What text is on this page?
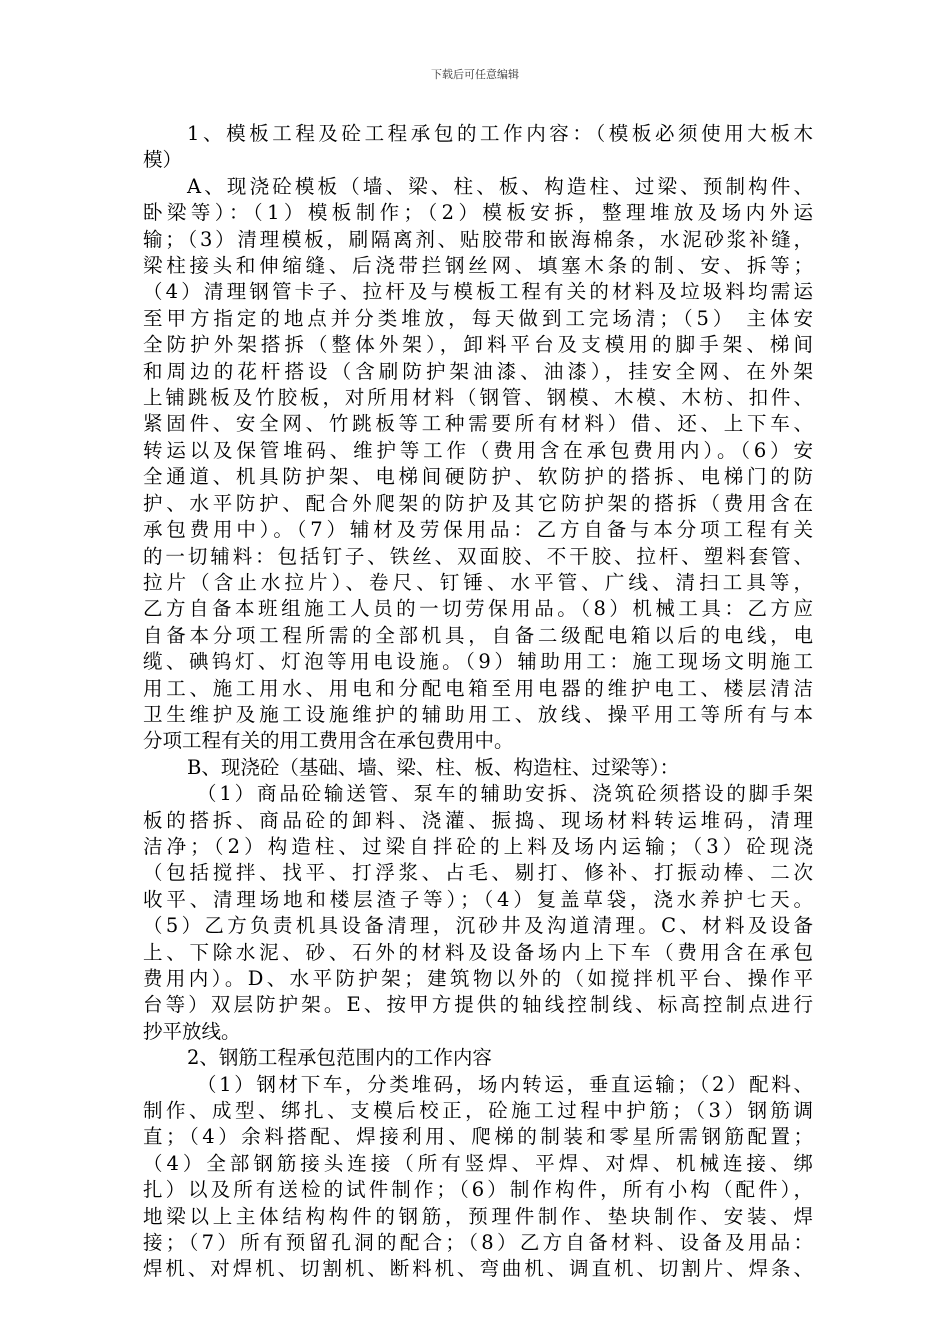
下载后可任意编辑
1、模板工程及砼工程承包的工作内容：（模板必须使用大板木
模）
A、现浇砼模板（墙、梁、柱、板、构造柱、过梁、预制构件、
卧梁等）：（1）模板制作；（2）模板安拆，整理堆放及场内外运
输；（3）清理模板，刷隔离剂、贴胶带和嵌海棉条，水泥砂浆补缝，
梁柱接头和伸缩缝、后浇带拦钢丝网、填塞木条的制、安、拆等；
（4）清理钢管卡子、拉杆及与模板工程有关的材料及垃圾料均需运
至甲方指定的地点并分类堆放，每天做到工完场清；（5） 主体安
全防护外架搭拆（整体外架），卸料平台及支模用的脚手架、梯间
和周边的花杆搭设（含刷防护架油漆、油漆），挂安全网、在外架
上铺跳板及竹胶板，对所用材料（钢管、钢模、木模、木枋、扣件、
紧固件、安全网、竹跳板等工种需要所有材料）借、还、上下车、
转运以及保管堆码、维护等工作（费用含在承包费用内）。（6）安
全通道、机具防护架、电梯间硬防护、软防护的搭拆、电梯门的防
护、水平防护、配合外爬架的防护及其它防护架的搭拆（费用含在
承包费用中）。（7）辅材及劳保用品：乙方自备与本分项工程有关
的一切辅料：包括钉子、铁丝、双面胶、不干胶、拉杆、塑料套管、
拉片（含止水拉片）、卷尺、钉锤、水平管、广线、清扫工具等，
乙方自备本班组施工人员的一切劳保用品。（8）机械工具：乙方应
自备本分项工程所需的全部机具，自备二级配电箱以后的电线，电
缆、碘钨灯、灯泡等用电设施。（9）辅助用工：施工现场文明施工
用工、施工用水、用电和分配电箱至用电器的维护电工、楼层清洁
卫生维护及施工设施维护的辅助用工、放线、操平用工等所有与本
分项工程有关的用工费用含在承包费用中。
B、现浇砼（基础、墙、梁、柱、板、构造柱、过梁等）：
（1）商品砼输送管、泵车的辅助安拆、浇筑砼须搭设的脚手架
板的搭拆、商品砼的卸料、浇灌、振捣、现场材料转运堆码，清理
洁净；（2）构造柱、过梁自拌砼的上料及场内运输；（3）砼现浇
（包括搅拌、找平、打浮浆、占毛、剔打、修补、打振动棒、二次
收平、清理场地和楼层渣子等）；（4）复盖草袋，浇水养护七天。
（5）乙方负责机具设备清理，沉砂井及沟道清理。C、材料及设备
上、下除水泥、砂、石外的材料及设备场内上下车（费用含在承包
费用内）。D、水平防护架；建筑物以外的（如搅拌机平台、操作平
台等）双层防护架。E、按甲方提供的轴线控制线、标高控制点进行
抄平放线。
2、钢筋工程承包范围内的工作内容
（1）钢材下车，分类堆码，场内转运，垂直运输；（2）配料、
制作、成型、绑扎、支模后校正，砼施工过程中护筋；（3）钢筋调
直；（4）余料搭配、焊接利用、爬梯的制装和零星所需钢筋配置；
（4）全部钢筋接头连接（所有竖焊、平焊、对焊、机械连接、绑
扎）以及所有送检的试件制作；（6）制作构件，所有小构（配件），
地梁以上主体结构构件的钢筋，预理件制作、垫块制作、安装、焊
接；（7）所有预留孔洞的配合；（8）乙方自备材料、设备及用品：
焊机、对焊机、切割机、断料机、弯曲机、调直机、切割片、焊条、
